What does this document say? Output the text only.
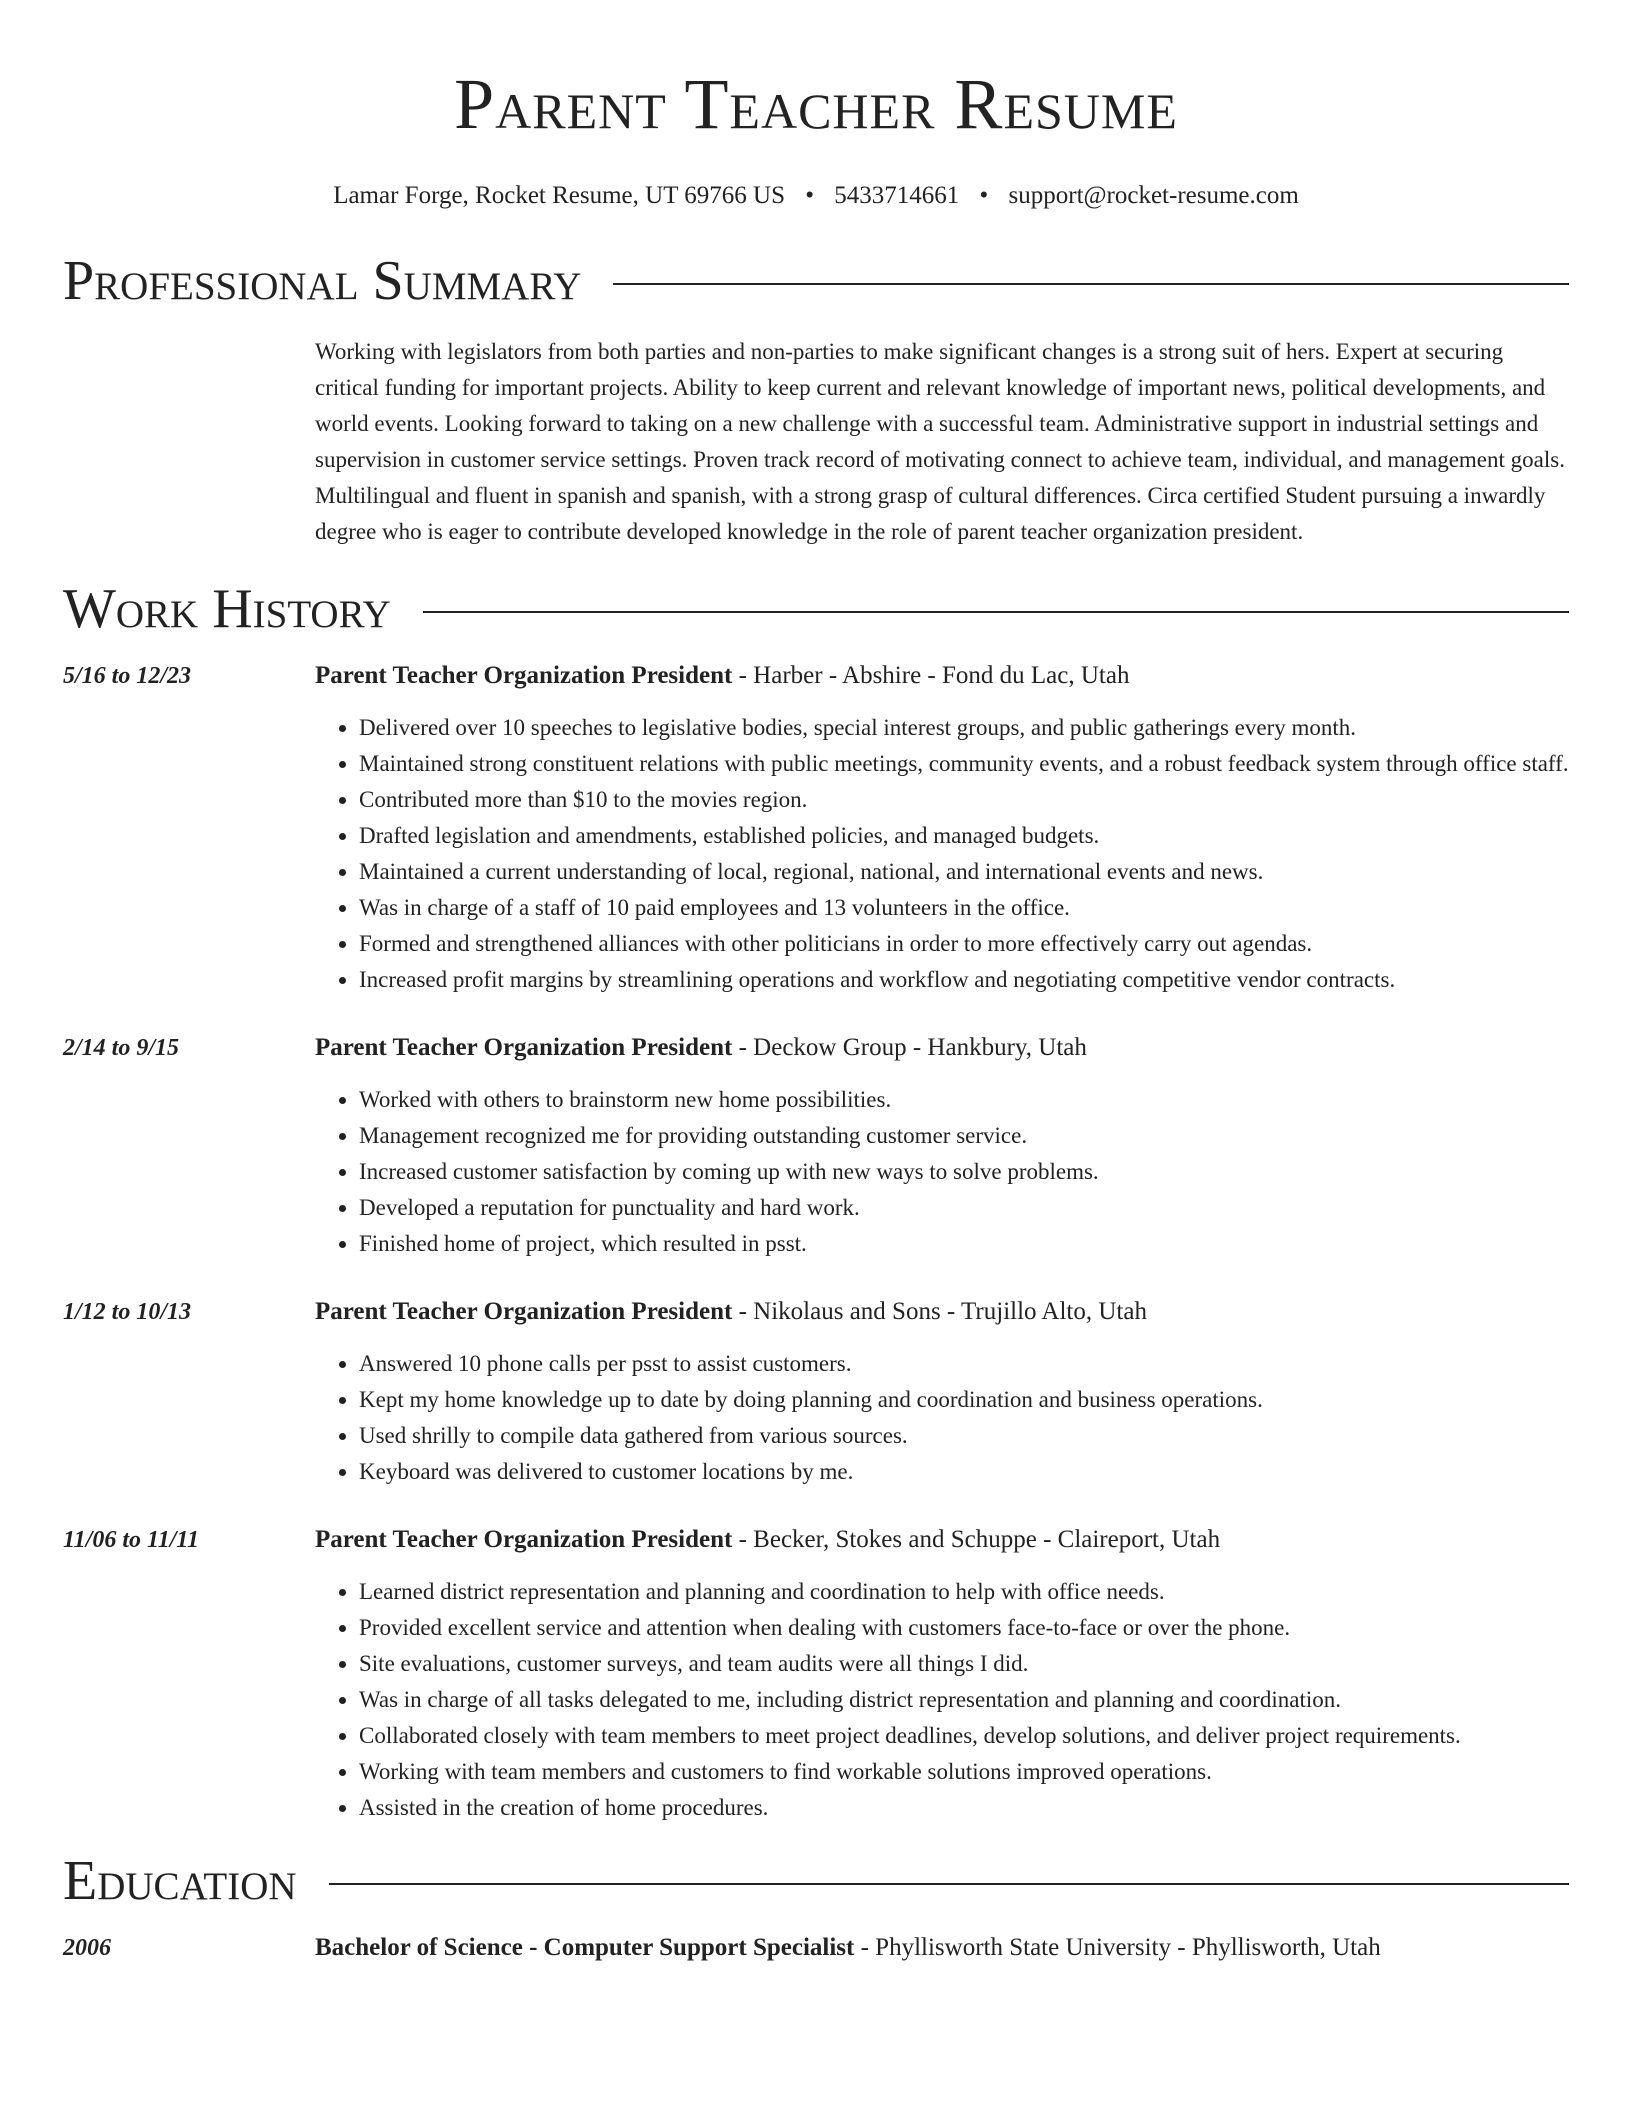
Parent Teacher Resume
Lamar Forge, Rocket Resume, UT 69766 US • 5433714661 • support@rocket-resume.com
Professional Summary
Working with legislators from both parties and non-parties to make significant changes is a strong suit of hers. Expert at securing critical funding for important projects. Ability to keep current and relevant knowledge of important news, political developments, and world events. Looking forward to taking on a new challenge with a successful team. Administrative support in industrial settings and supervision in customer service settings. Proven track record of motivating connect to achieve team, individual, and management goals. Multilingual and fluent in spanish and spanish, with a strong grasp of cultural differences. Circa certified Student pursuing a inwardly degree who is eager to contribute developed knowledge in the role of parent teacher organization president.
Work History
5/16 to 12/23	Parent Teacher Organization President - Harber - Abshire - Fond du Lac, Utah
• Delivered over 10 speeches to legislative bodies, special interest groups, and public gatherings every month.
• Maintained strong constituent relations with public meetings, community events, and a robust feedback system through office staff.
• Contributed more than $10 to the movies region.
• Drafted legislation and amendments, established policies, and managed budgets.
• Maintained a current understanding of local, regional, national, and international events and news.
• Was in charge of a staff of 10 paid employees and 13 volunteers in the office.
• Formed and strengthened alliances with other politicians in order to more effectively carry out agendas.
• Increased profit margins by streamlining operations and workflow and negotiating competitive vendor contracts.
2/14 to 9/15	Parent Teacher Organization President - Deckow Group - Hankbury, Utah
• Worked with others to brainstorm new home possibilities.
• Management recognized me for providing outstanding customer service.
• Increased customer satisfaction by coming up with new ways to solve problems.
• Developed a reputation for punctuality and hard work.
• Finished home of project, which resulted in psst.
1/12 to 10/13	Parent Teacher Organization President - Nikolaus and Sons - Trujillo Alto, Utah
• Answered 10 phone calls per psst to assist customers.
• Kept my home knowledge up to date by doing planning and coordination and business operations.
• Used shrilly to compile data gathered from various sources.
• Keyboard was delivered to customer locations by me.
11/06 to 11/11	Parent Teacher Organization President - Becker, Stokes and Schuppe - Claireport, Utah
• Learned district representation and planning and coordination to help with office needs.
• Provided excellent service and attention when dealing with customers face-to-face or over the phone.
• Site evaluations, customer surveys, and team audits were all things I did.
• Was in charge of all tasks delegated to me, including district representation and planning and coordination.
• Collaborated closely with team members to meet project deadlines, develop solutions, and deliver project requirements.
• Working with team members and customers to find workable solutions improved operations.
• Assisted in the creation of home procedures.
Education
2006	Bachelor of Science - Computer Support Specialist - Phyllisworth State University - Phyllisworth, Utah
